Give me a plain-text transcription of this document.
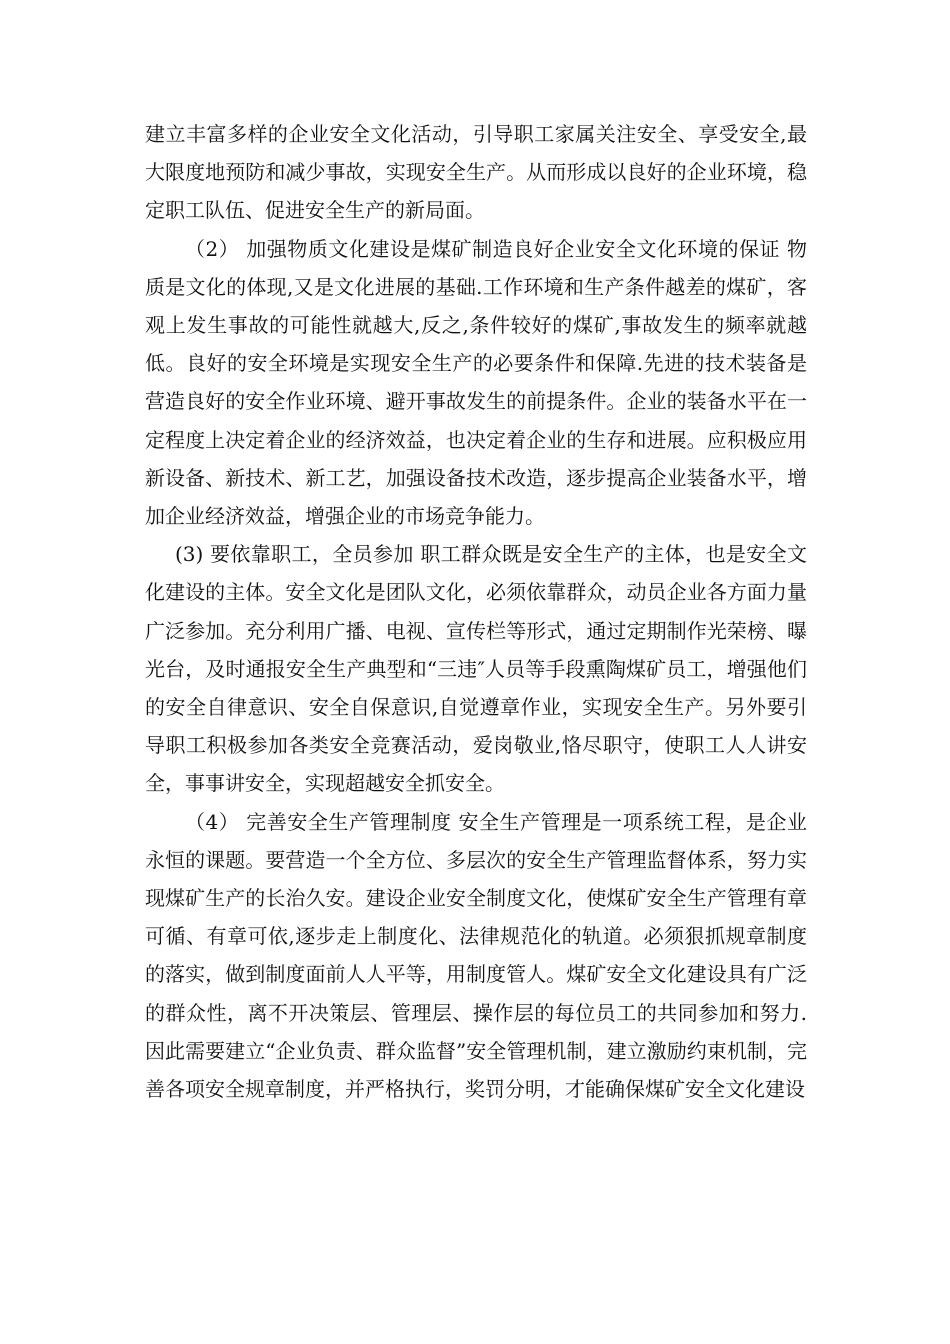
建立丰富多样的企业安全文化活动，引导职工家属关注安全、享受安全,最大限度地预防和减少事故，实现安全生产。从而形成以良好的企业环境，稳定职工队伍、促进安全生产的新局面。

（2） 加强物质文化建设是煤矿制造良好企业安全文化环境的保证 物质是文化的体现,又是文化进展的基础.工作环境和生产条件越差的煤矿，客观上发生事故的可能性就越大,反之,条件较好的煤矿,事故发生的频率就越低。良好的安全环境是实现安全生产的必要条件和保障.先进的技术装备是营造良好的安全作业环境、避开事故发生的前提条件。企业的装备水平在一定程度上决定着企业的经济效益，也决定着企业的生存和进展。应积极应用新设备、新技术、新工艺，加强设备技术改造，逐步提高企业装备水平，增加企业经济效益，增强企业的市场竞争能力。

(3) 要依靠职工，全员参加 职工群众既是安全生产的主体，也是安全文化建设的主体。安全文化是团队文化，必须依靠群众，动员企业各方面力量广泛参加。充分利用广播、电视、宣传栏等形式，通过定期制作光荣榜、曝光台，及时通报安全生产典型和“三违″人员等手段熏陶煤矿员工，增强他们的安全自律意识、安全自保意识,自觉遵章作业，实现安全生产。另外要引导职工积极参加各类安全竞赛活动，爱岗敬业,恪尽职守，使职工人人讲安全，事事讲安全，实现超越安全抓安全。

（4） 完善安全生产管理制度 安全生产管理是一项系统工程，是企业永恒的课题。要营造一个全方位、多层次的安全生产管理监督体系，努力实现煤矿生产的长治久安。建设企业安全制度文化，使煤矿安全生产管理有章可循、有章可依,逐步走上制度化、法律规范化的轨道。必须狠抓规章制度的落实，做到制度面前人人平等，用制度管人。煤矿安全文化建设具有广泛的群众性，离不开决策层、管理层、操作层的每位员工的共同参加和努力.因此需要建立“企业负责、群众监督”安全管理机制，建立激励约束机制，完善各项安全规章制度，并严格执行，奖罚分明，才能确保煤矿安全文化建设
